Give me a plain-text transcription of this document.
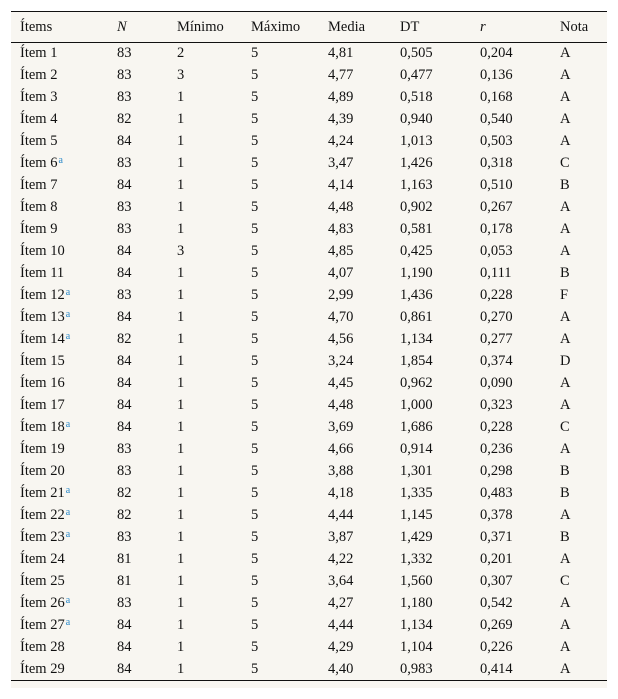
Ítems	N	Mínimo	Máximo	Media	DT	r	Nota
Ítem 1	83	2	5	4,81	0,505	0,204	A
Ítem 2	83	3	5	4,77	0,477	0,136	A
Ítem 3	83	1	5	4,89	0,518	0,168	A
Ítem 4	82	1	5	4,39	0,940	0,540	A
Ítem 5	84	1	5	4,24	1,013	0,503	A
Ítem 6$^a$	83	1	5	3,47	1,426	0,318	C
Ítem 7	84	1	5	4,14	1,163	0,510	B
Ítem 8	83	1	5	4,48	0,902	0,267	A
Ítem 9	83	1	5	4,83	0,581	0,178	A
Ítem 10	84	3	5	4,85	0,425	0,053	A
Ítem 11	84	1	5	4,07	1,190	0,111	B
Ítem 12$^a$	83	1	5	2,99	1,436	0,228	F
Ítem 13$^a$	84	1	5	4,70	0,861	0,270	A
Ítem 14$^a$	82	1	5	4,56	1,134	0,277	A
Ítem 15	84	1	5	3,24	1,854	0,374	D
Ítem 16	84	1	5	4,45	0,962	0,090	A
Ítem 17	84	1	5	4,48	1,000	0,323	A
Ítem 18$^a$	84	1	5	3,69	1,686	0,228	C
Ítem 19	83	1	5	4,66	0,914	0,236	A
Ítem 20	83	1	5	3,88	1,301	0,298	B
Ítem 21$^a$	82	1	5	4,18	1,335	0,483	B
Ítem 22$^a$	82	1	5	4,44	1,145	0,378	A
Ítem 23$^a$	83	1	5	3,87	1,429	0,371	B
Ítem 24	81	1	5	4,22	1,332	0,201	A
Ítem 25	81	1	5	3,64	1,560	0,307	C
Ítem 26$^a$	83	1	5	4,27	1,180	0,542	A
Ítem 27$^a$	84	1	5	4,44	1,134	0,269	A
Ítem 28	84	1	5	4,29	1,104	0,226	A
Ítem 29	84	1	5	4,40	0,983	0,414	A
